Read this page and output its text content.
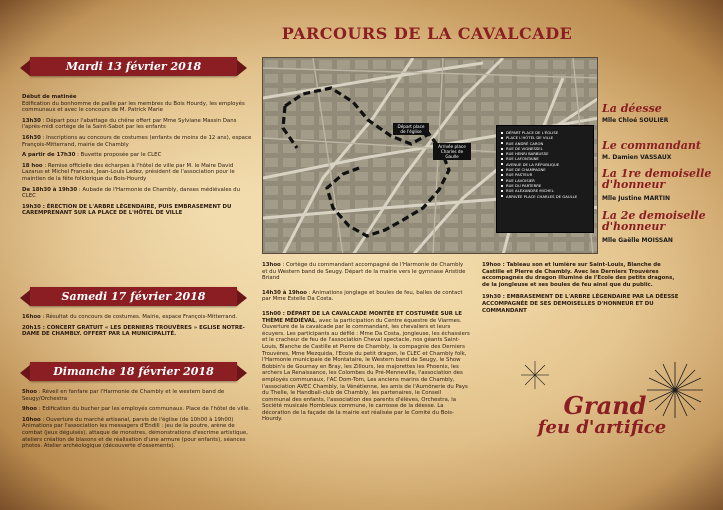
PARCOURS DE LA CAVALCADE
Mardi 13 février 2018
Début de matinée
Edification du bonhomme de paille par les membres du Bois Hourdy, les employés communaux et avec le concours de M. Patrick Marie
13h30 : Départ pour l'abattage du chêne offert par Mme Sylviane Massin Dans l'après-midi cortège de la Saint-Sabot par les enfants
16h30 : Inscriptions au concours de costumes (enfants de moins de 12 ans), espace François-Mitterrand, mairie de Chambly
A partir de 17h30 : Buvette proposée par le CLEC
18 hoo : Remise officielle des écharpes à l'hôtel de ville par M. le Maire David Lazarus et Michel Francaix, Jean-Louis Ledez, président de l'association pour le maintien de la fête folklorique du Bois-Hourdy
De 18h30 à 19h30 : Aubade de l'Harmonie de Chambly, danses médiévales du CLEC
19h30 : ÉRECTION DE L'ARBRE LÉGENDAIRE, PUIS EMBRASEMENT DU CAREMPRENANT SUR LA PLACE DE L'HÔTEL DE VILLE
Samedi 17 février 2018
16hoo : Résultat du concours de costumes. Mairie, espace François-Mitterrand.
20h15 : CONCERT GRATUIT « LES DERNIERS TROUVÈRES » EGLISE NOTRE-DAME DE CHAMBLY. OFFERT PAR LA MUNICIPALITÉ.
Dimanche 18 février 2018
5hoo : Réveil en fanfare par l'Harmonie de Chambly et le western band de Seugy/Orchestra
9hoo : Edification du bucher par les employés communaux. Place de l'hôtel de ville.
10hoo : Ouverture du marché artisanal, parvis de l'église (de 10h00 à 19h00) Animations par l'association les messagers d'Endill : jeu de la poutre, arène de combat (jeux déguisés), attaque de monstres, démonstrations d'escrime artistique, ateliers création de blasons et de réalisation d'une armure (pour enfants), séances photos. Atelier archéologique (découverte d'ossements).
Départ place de l'église
Arrivée place Charles de Gaulle
DÉPART PLACE DE L'ÉGLISE
PLACE L'HÔTEL DE VILLE
RUE ANDRÉ CARON
RUE DE VIGNESSEL
RUE HENRI BARBUSSE
RUE LAFONTAINE
AVENUE DE LA RÉPUBLIQUE
RUE DE CHAMPAGNE
RUE PASTEUR
RUE LAVOISIER
RUE DU PARTERRE
RUE ALEXANDRE MICHEL
ARRIVÉE PLACE CHARLES DE GAULLE
La déesse
Mlle Chloé SOULIER
Le commandant
M. Damien VASSAUX
La 1re demoiselle d'honneur
Mlle Justine MARTIN
La 2e demoiselle d'honneur
Mlle Gaëlle MOISSAN
13hoo : Cortège du commandant accompagné de l'Harmonie de Chambly et du Western band de Seugy. Départ de la mairie vers le gymnase Aristide Briand
14h30 à 19hoo : Animations jonglage et boules de feu, balles de contact par Mme Estelle Da Costa.
15h00 : DÉPART DE LA CAVALCADE MONTÉE ET COSTUMÉE SUR LE THÈME MÉDIÉVAL, avec la participation du Centre équestre de Viarmes. Ouverture de la cavalcade par le commandant, les chevaliers et leurs écuyers. Les participants au défilé : Mme Da Costa, jongleuse, les échassiers et le cracheur de feu de l'association Cheval spectacle, nos géants Saint-Louis, Blanche de Castille et Pierre de Chambly, la compagnie des Derniers Trouvères, Mme Mezquida, l'Ecole du petit dragon, le CLEC et Chambly folk, l'Harmonie municipale de Montataire, le Western band de Seugy, le Show Bobbin's de Gournay en Bray, les Zillours, les majorettes les Phoenix, les archers La Renaissance, les Colombes du Pré-Menneville, l'association des employés communaux, l'AC Dom-Tom, Les anciens marins de Chambly, l'association AVEC Chambly, la Vénétienne, les amis de l'Aumônerie du Pays du Thelle, le Handball-club de Chambly, les partenaires, le Conseil communal des enfants, l'association des parents d'élèves, Orchestra, la Société musicale Hombleux commune, le carrosse de la déesse. La décoration de la façade de la mairie est réalisée par le Comité du Bois-Hourdy.
19hoo : Tableau son et lumière sur Saint-Louis, Blanche de Castille et Pierre de Chambly. Avec les Derniers Trouvères accompagnés du dragon illuminé de l'Ecole des petits dragons, de la jongleuse et ses boules de feu ainsi que du public.
19h30 : EMBRASEMENT DE L'ARBRE LÉGENDAIRE PAR LA DÉESSE ACCOMPAGNÉE DE SES DEMOISELLES D'HONNEUR ET DU COMMANDANT
Grand
feu d'artifice
